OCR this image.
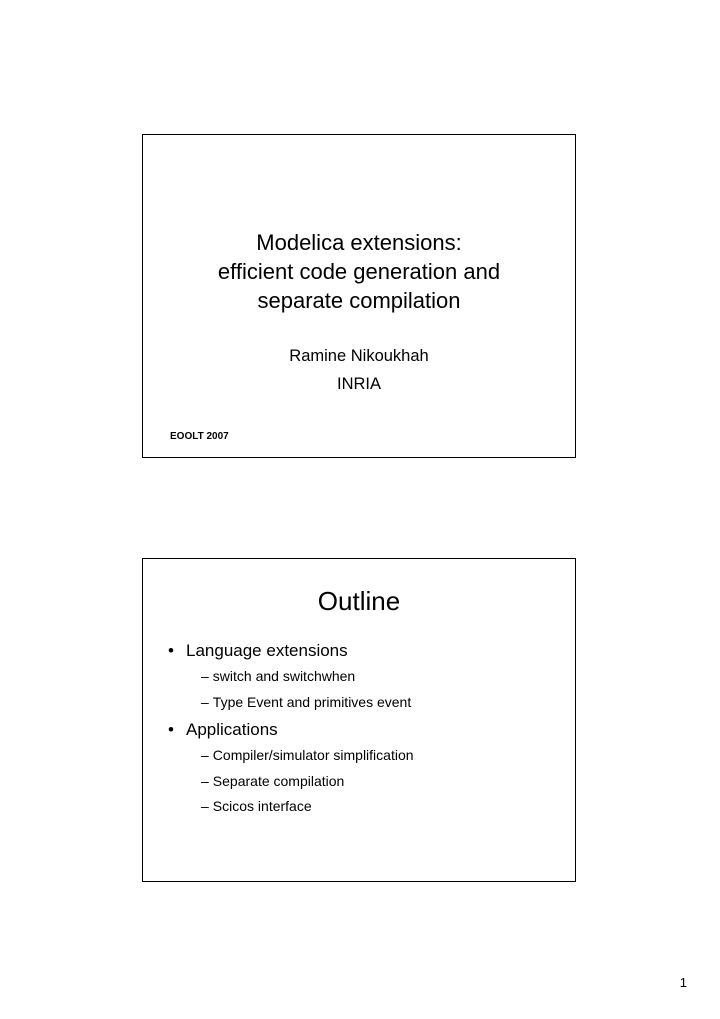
Modelica extensions:
efficient code generation and
separate compilation
Ramine Nikoukhah
INRIA
EOOLT 2007
Outline
• Language extensions
– switch and switchwhen
– Type Event and primitives event
• Applications
– Compiler/simulator simplification
– Separate compilation
– Scicos interface
1
